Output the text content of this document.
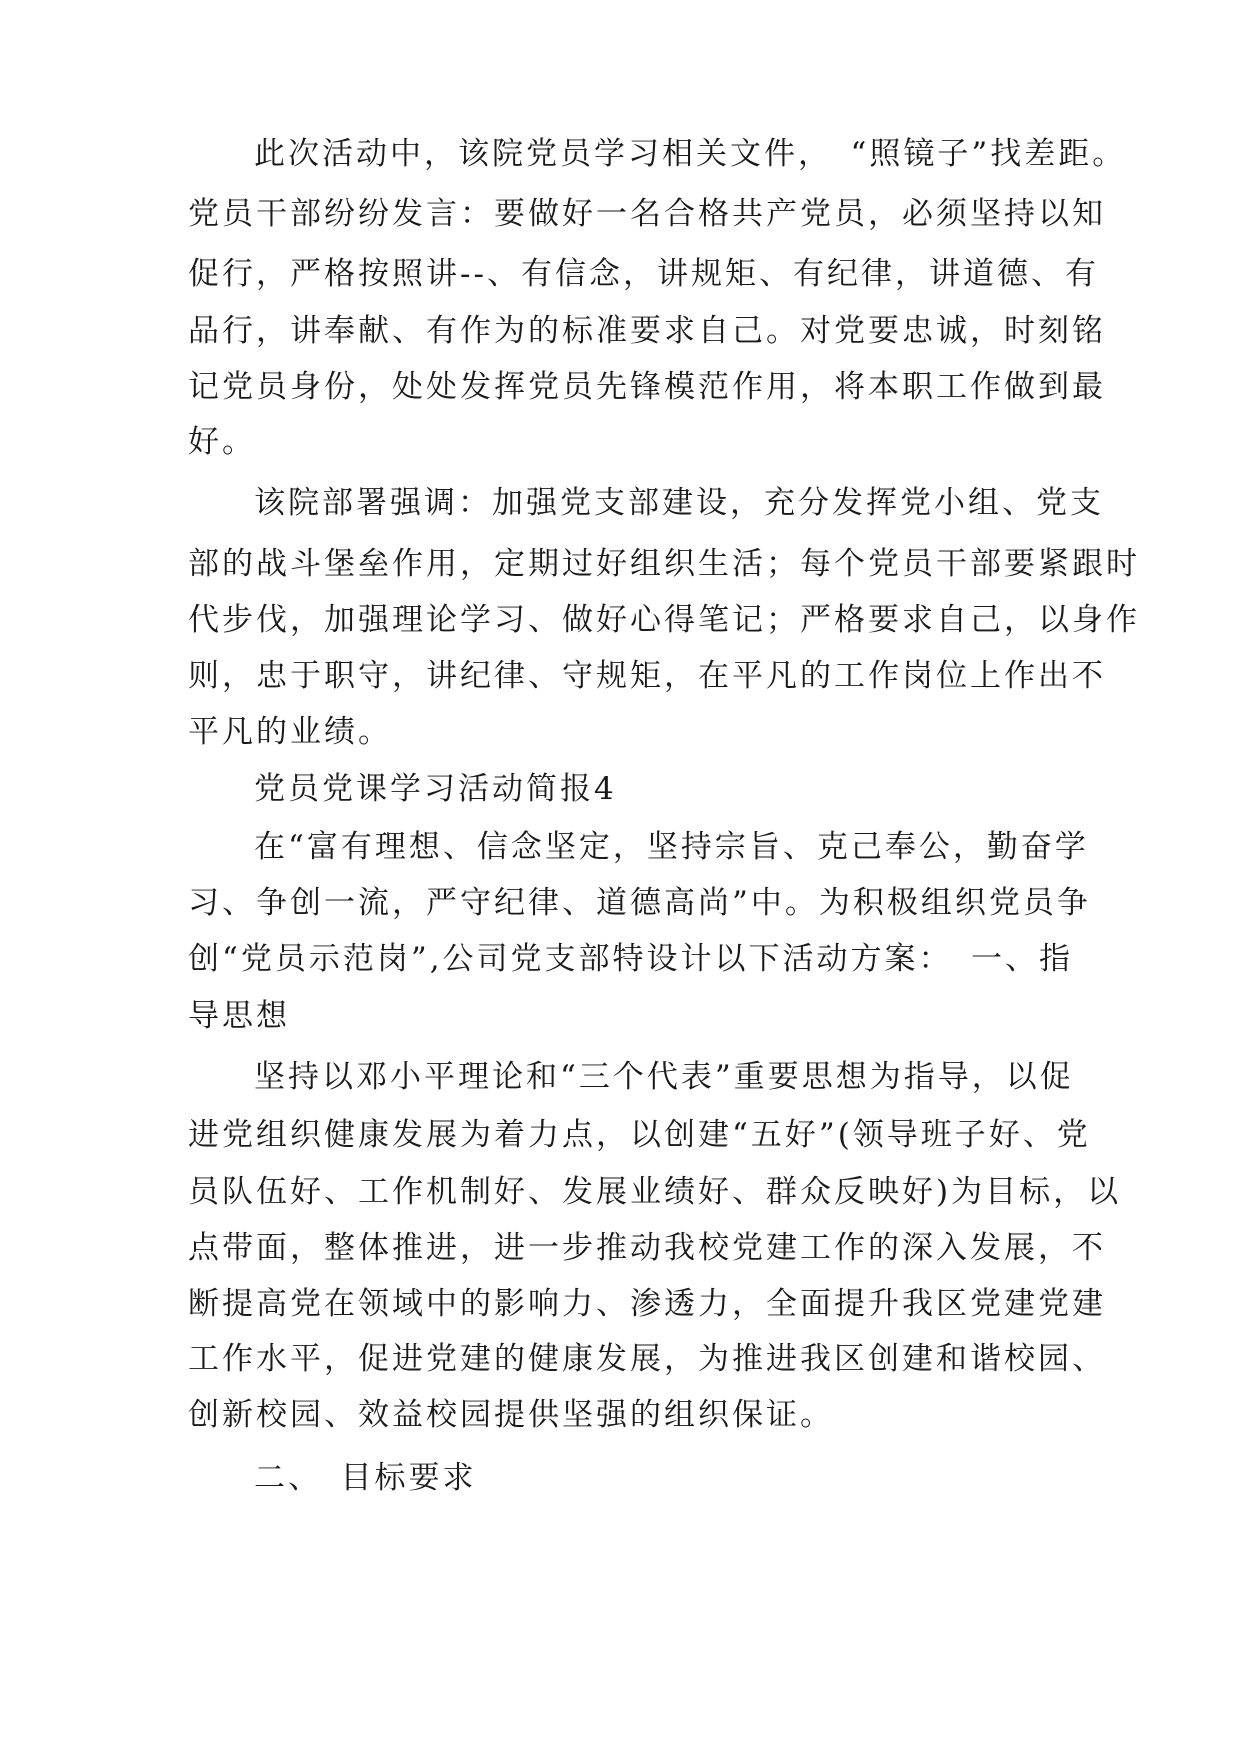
此次活动中，该院党员学习相关文件，　“照镜子”找差距。
党员干部纷纷发言：要做好一名合格共产党员，必须坚持以知
促行，严格按照讲--、有信念，讲规矩、有纪律，讲道德、有
品行，讲奉献、有作为的标准要求自己。对党要忠诚，时刻铭
记党员身份，处处发挥党员先锋模范作用，将本职工作做到最
好。
该院部署强调：加强党支部建设，充分发挥党小组、党支
部的战斗堡垒作用，定期过好组织生活；每个党员干部要紧跟时
代步伐，加强理论学习、做好心得笔记；严格要求自己，以身作
则，忠于职守，讲纪律、守规矩，在平凡的工作岗位上作出不
平凡的业绩。
党员党课学习活动简报4
在“富有理想、信念坚定，坚持宗旨、克己奉公，勤奋学
习、争创一流，严守纪律、道德高尚”中。为积极组织党员争
创“党员示范岗”,公司党支部特设计以下活动方案：　一、指
导思想
坚持以邓小平理论和“三个代表”重要思想为指导，以促
进党组织健康发展为着力点，以创建“五好”(领导班子好、党
员队伍好、工作机制好、发展业绩好、群众反映好)为目标，以
点带面，整体推进，进一步推动我校党建工作的深入发展，不
断提高党在领域中的影响力、渗透力，全面提升我区党建党建
工作水平，促进党建的健康发展，为推进我区创建和谐校园、
创新校园、效益校园提供坚强的组织保证。
二、　目标要求
